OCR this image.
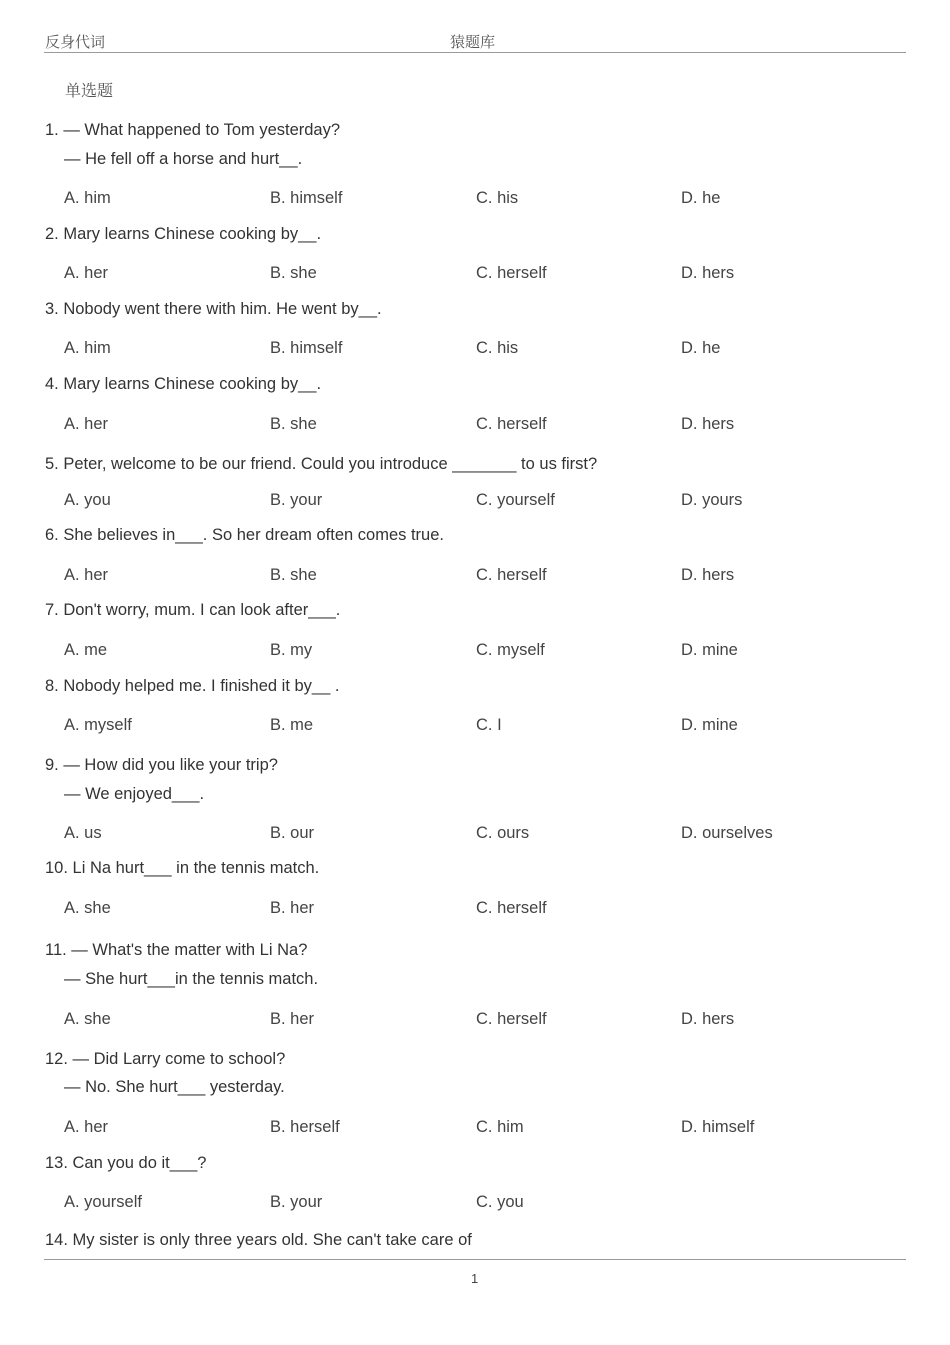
反身代词	猿题库
单选题
1. — What happened to Tom yesterday?
— He fell off a horse and hurt__.
A. him	B. himself	C. his	D. he
2. Mary learns Chinese cooking by__.
A. her	B. she	C. herself	D. hers
3. Nobody went there with him. He went by__.
A. him	B. himself	C. his	D. he
4. Mary learns Chinese cooking by__.
A. her	B. she	C. herself	D. hers
5. Peter, welcome to be our friend. Could you introduce _______ to us first?
A. you	B. your	C. yourself	D. yours
6. She believes in___. So her dream often comes true.
A. her	B. she	C. herself	D. hers
7. Don't worry, mum. I can look after___.
A. me	B. my	C. myself	D. mine
8. Nobody helped me. I finished it by__ .
A. myself	B. me	C. I	D. mine
9. — How did you like your trip?
— We enjoyed___.
A. us	B. our	C. ours	D. ourselves
10. Li Na hurt___ in the tennis match.
A. she	B. her	C. herself
11. — What's the matter with Li Na?
— She hurt___in the tennis match.
A. she	B. her	C. herself	D. hers
12. — Did Larry come to school?
— No. She hurt___ yesterday.
A. her	B. herself	C. him	D. himself
13. Can you do it___?
A. yourself	B. your	C. you
14. My sister is only three years old. She can't take care of
1
